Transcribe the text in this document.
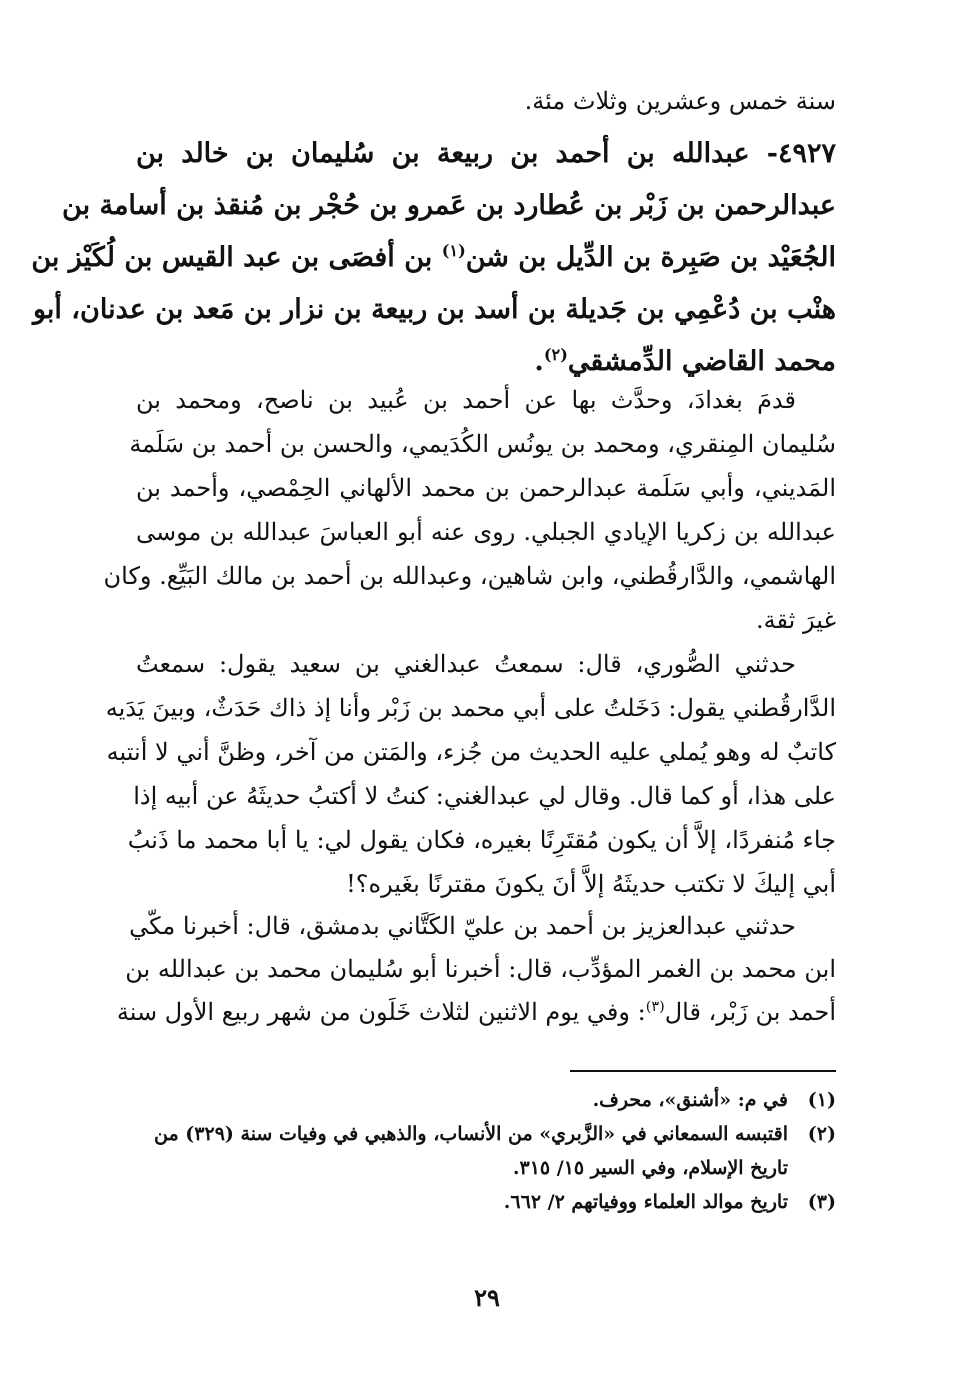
سنة خمس وعشرين وثلاث مئة.
٤٩٢٧- عبدالله بن أحمد بن ربيعة بن سُليمان بن خالد بن
عبدالرحمن بن زَبْر بن عُطارد بن عَمرو بن حُجْر بن مُنقذ بن أسامة بن
الجُعَيْد بن صَبِرة بن الدِّيل بن شن$^{(١)}$ بن أفصَى بن عبد القيس بن لُكَيْز بن
هنْب بن دُعْمِي بن جَديلة بن أسد بن ربيعة بن نزار بن مَعد بن عدنان، أبو
محمد القاضي الدِّمشقي$^{(٢)}$.
قدمَ بغدادَ، وحدَّث بها عن أحمد بن عُبيد بن ناصح، ومحمد بن
سُليمان المِنقري، ومحمد بن يونُس الكُدَيمي، والحسن بن أحمد بن سَلَمة
المَديني، وأبي سَلَمة عبدالرحمن بن محمد الألهاني الحِمْصي، وأحمد بن
عبدالله بن زكريا الإيادي الجبلي. روى عنه أبو العباسَ عبدالله بن موسى
الهاشمي، والدَّارقُطني، وابن شاهين، وعبدالله بن أحمد بن مالك البَيِّع. وكان
غيرَ ثقة.
حدثني الصُّوري، قال: سمعتُ عبدالغني بن سعيد يقول: سمعتُ
الدَّارقُطني يقول: دَخَلتُ على أبي محمد بن زَبْر وأنا إذ ذاك حَدَثٌ، وبينَ يَدَيه
كاتبٌ له وهو يُملي عليه الحديث من جُزء، والمَتن من آخر، وظنَّ أني لا أنتبه
على هذا، أو كما قال. وقال لي عبدالغني: كنتُ لا أكتبُ حديثَهُ عن أبيه إذا
جاء مُنفردًا، إلاَّ أن يكون مُقتَرِنًا بغيره، فكان يقول لي: يا أبا محمد ما ذَنبُ
أبي إليكَ لا تكتب حديثَهُ إلاَّ أنَ يكونَ مقترنًا بغَيره؟!
حدثني عبدالعزيز بن أحمد بن عليّ الكَتَّاني بدمشق، قال: أخبرنا مكّي
ابن محمد بن الغمر المؤدِّب، قال: أخبرنا أبو سُليمان محمد بن عبدالله بن
أحمد بن زَبْر، قال$^{(٣)}$: وفي يوم الاثنين لثلاث خَلَون من شهر ربيع الأول سنة
(١)
في م: «أشنق»، محرف.
(٢)
اقتبسه السمعاني في «الزَّبري» من الأنساب، والذهبي في وفيات سنة (٣٢٩) من تاريخ الإسلام، وفي السير ١٥/ ٣١٥.
(٣)
تاريخ موالد العلماء ووفياتهم ٢/ ٦٦٢.
٢٩
